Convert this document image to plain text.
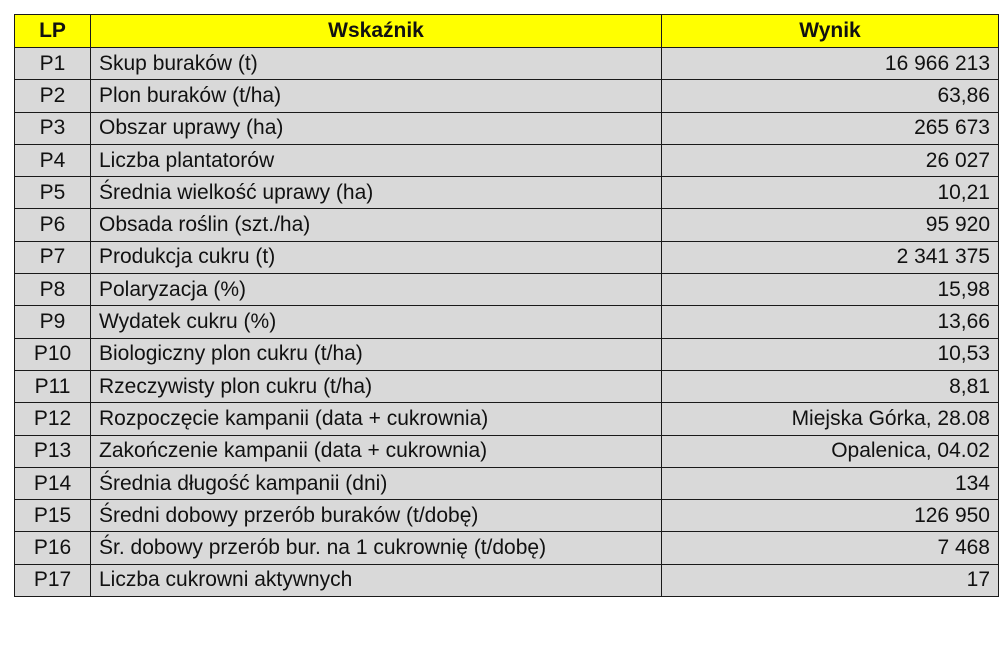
LP	Wskaźnik	Wynik
P1	Skup buraków (t)	16 966 213
P2	Plon buraków (t/ha)	63,86
P3	Obszar uprawy (ha)	265 673
P4	Liczba plantatorów	26 027
P5	Średnia wielkość uprawy (ha)	10,21
P6	Obsada roślin (szt./ha)	95 920
P7	Produkcja cukru (t)	2 341 375
P8	Polaryzacja (%)	15,98
P9	Wydatek cukru (%)	13,66
P10	Biologiczny plon cukru (t/ha)	10,53
P11	Rzeczywisty plon cukru (t/ha)	8,81
P12	Rozpoczęcie kampanii (data + cukrownia)	Miejska Górka, 28.08
P13	Zakończenie kampanii (data + cukrownia)	Opalenica, 04.02
P14	Średnia długość kampanii (dni)	134
P15	Średni dobowy przerób buraków (t/dobę)	126 950
P16	Śr. dobowy przerób bur. na 1 cukrownię (t/dobę)	7 468
P17	Liczba cukrowni aktywnych	17
